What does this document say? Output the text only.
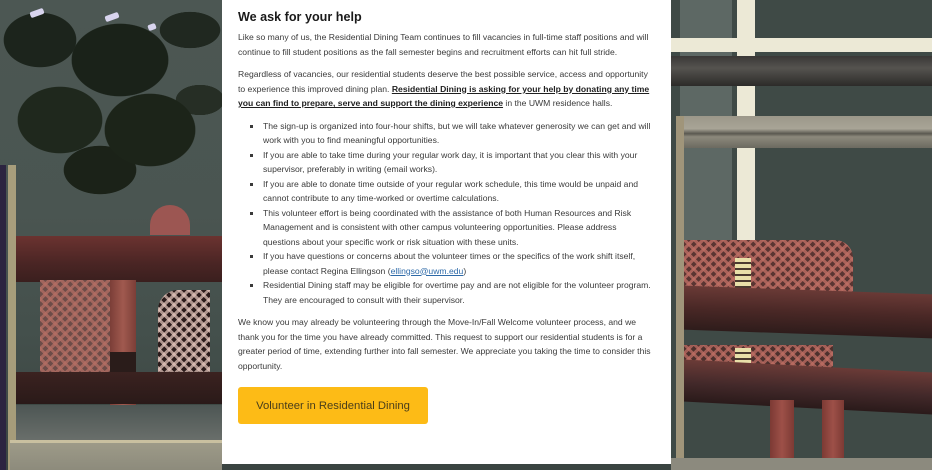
We ask for your help

Like so many of us, the Residential Dining Team continues to fill vacancies in full-time staff positions and will continue to fill student positions as the fall semester begins and recruitment efforts can hit full stride.

Regardless of vacancies, our residential students deserve the best possible service, access and opportunity to experience this improved dining plan. Residential Dining is asking for your help by donating any time you can find to prepare, serve and support the dining experience in the UWM residence halls.

The sign-up is organized into four-hour shifts, but we will take whatever generosity we can get and will work with you to find meaningful opportunities.
If you are able to take time during your regular work day, it is important that you clear this with your supervisor, preferably in writing (email works).
If you are able to donate time outside of your regular work schedule, this time would be unpaid and cannot contribute to any time-worked or overtime calculations.
This volunteer effort is being coordinated with the assistance of both Human Resources and Risk Management and is consistent with other campus volunteering opportunities. Please address questions about your specific work or risk situation with these units.
If you have questions or concerns about the volunteer times or the specifics of the work shift itself, please contact Regina Ellingson (ellingso@uwm.edu)
Residential Dining staff may be eligible for overtime pay and are not eligible for the volunteer program. They are encouraged to consult with their supervisor.

We know you may already be volunteering through the Move-In/Fall Welcome volunteer process, and we thank you for the time you have already committed. This request to support our residential students is for a greater period of time, extending further into fall semester. We appreciate you taking the time to consider this opportunity.

Volunteer in Residential Dining
